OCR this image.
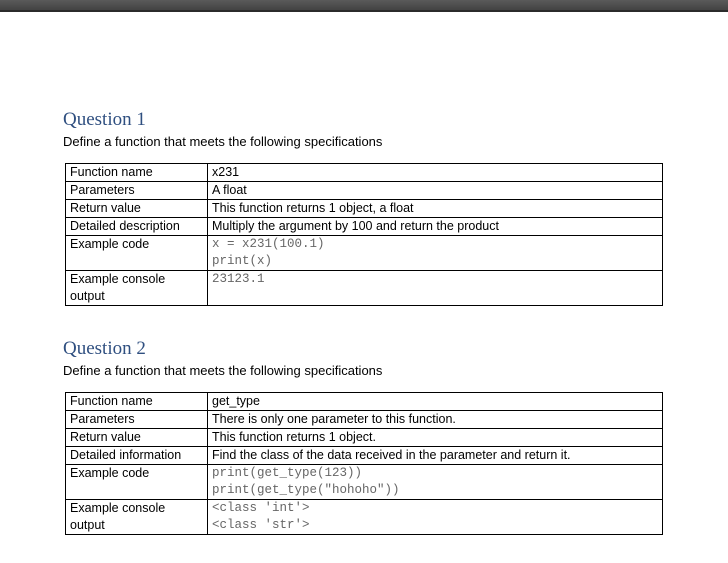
Question 1

Define a function that meets the following specifications

Function name	x231
Parameters	A float
Return value	This function returns 1 object, a float
Detailed description	Multiply the argument by 100 and return the product
Example code	x = x231(100.1)
print(x)

Example console output	23123.1
Question 2

Define a function that meets the following specifications

Function name	get_type
Parameters	There is only one parameter to this function.
Return value	This function returns 1 object.
Detailed information	Find the class of the data received in the parameter and return it.
Example code	print(get_type(123))
print(get_type("hohoho"))

Example console output	<class 'int'>
<class 'str'>
